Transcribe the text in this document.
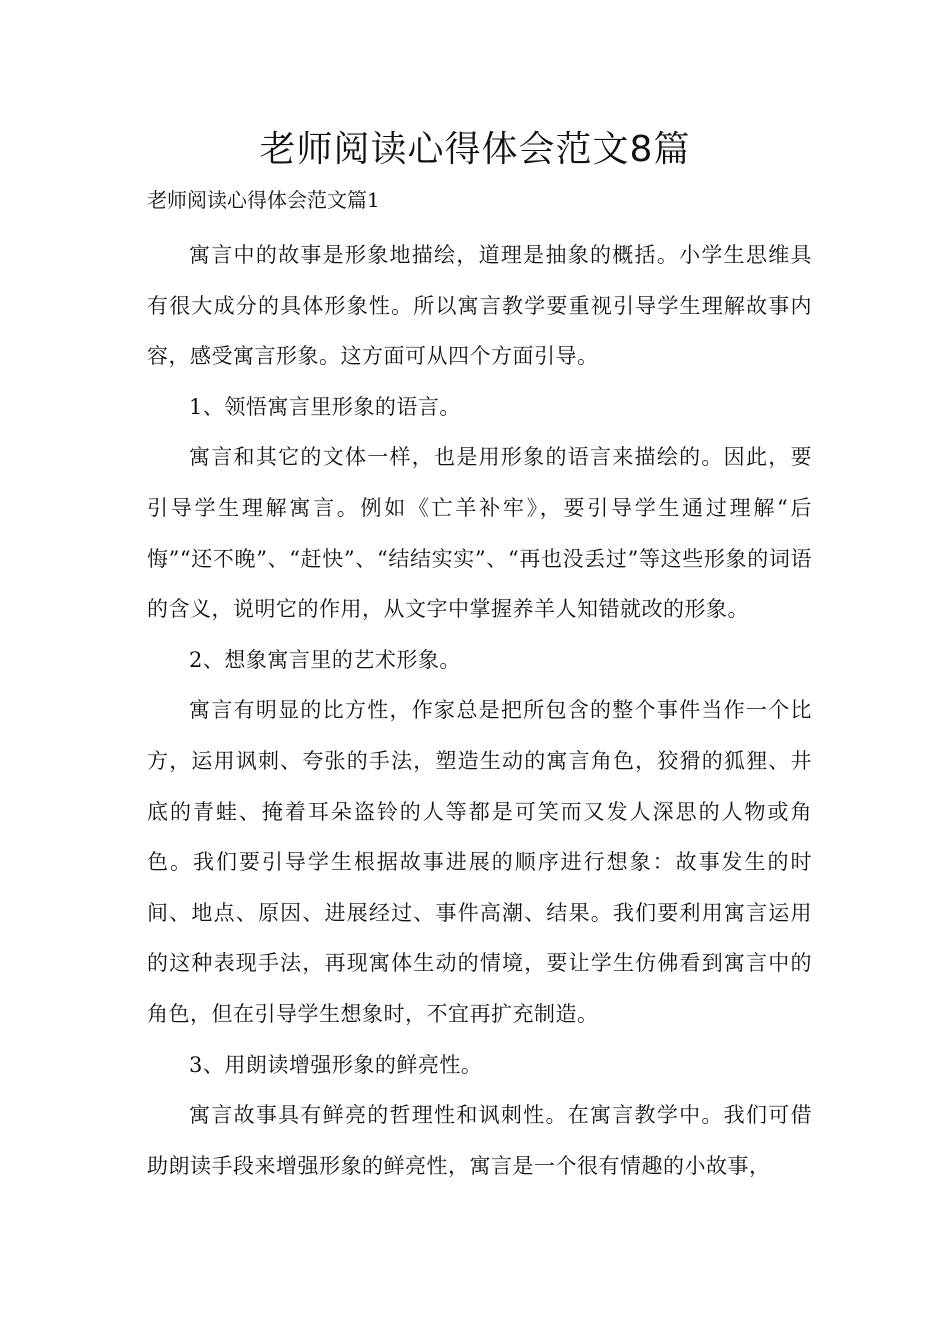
老师阅读心得体会范文8篇

老师阅读心得体会范文篇1

寓言中的故事是形象地描绘，道理是抽象的概括。小学生思维具有很大成分的具体形象性。所以寓言教学要重视引导学生理解故事内容，感受寓言形象。这方面可从四个方面引导。

1、领悟寓言里形象的语言。

寓言和其它的文体一样，也是用形象的语言来描绘的。因此，要引导学生理解寓言。例如《亡羊补牢》，要引导学生通过理解“后悔”“还不晚”、“赶快”、“结结实实”、“再也没丢过”等这些形象的词语的含义，说明它的作用，从文字中掌握养羊人知错就改的形象。

2、想象寓言里的艺术形象。

寓言有明显的比方性，作家总是把所包含的整个事件当作一个比方，运用讽刺、夸张的手法，塑造生动的寓言角色，狡猾的狐狸、井底的青蛙、掩着耳朵盗铃的人等都是可笑而又发人深思的人物或角色。我们要引导学生根据故事进展的顺序进行想象：故事发生的时间、地点、原因、进展经过、事件高潮、结果。我们要利用寓言运用的这种表现手法，再现寓体生动的情境，要让学生仿佛看到寓言中的角色，但在引导学生想象时，不宜再扩充制造。

3、用朗读增强形象的鲜亮性。

寓言故事具有鲜亮的哲理性和讽刺性。在寓言教学中。我们可借助朗读手段来增强形象的鲜亮性，寓言是一个很有情趣的小故事，
